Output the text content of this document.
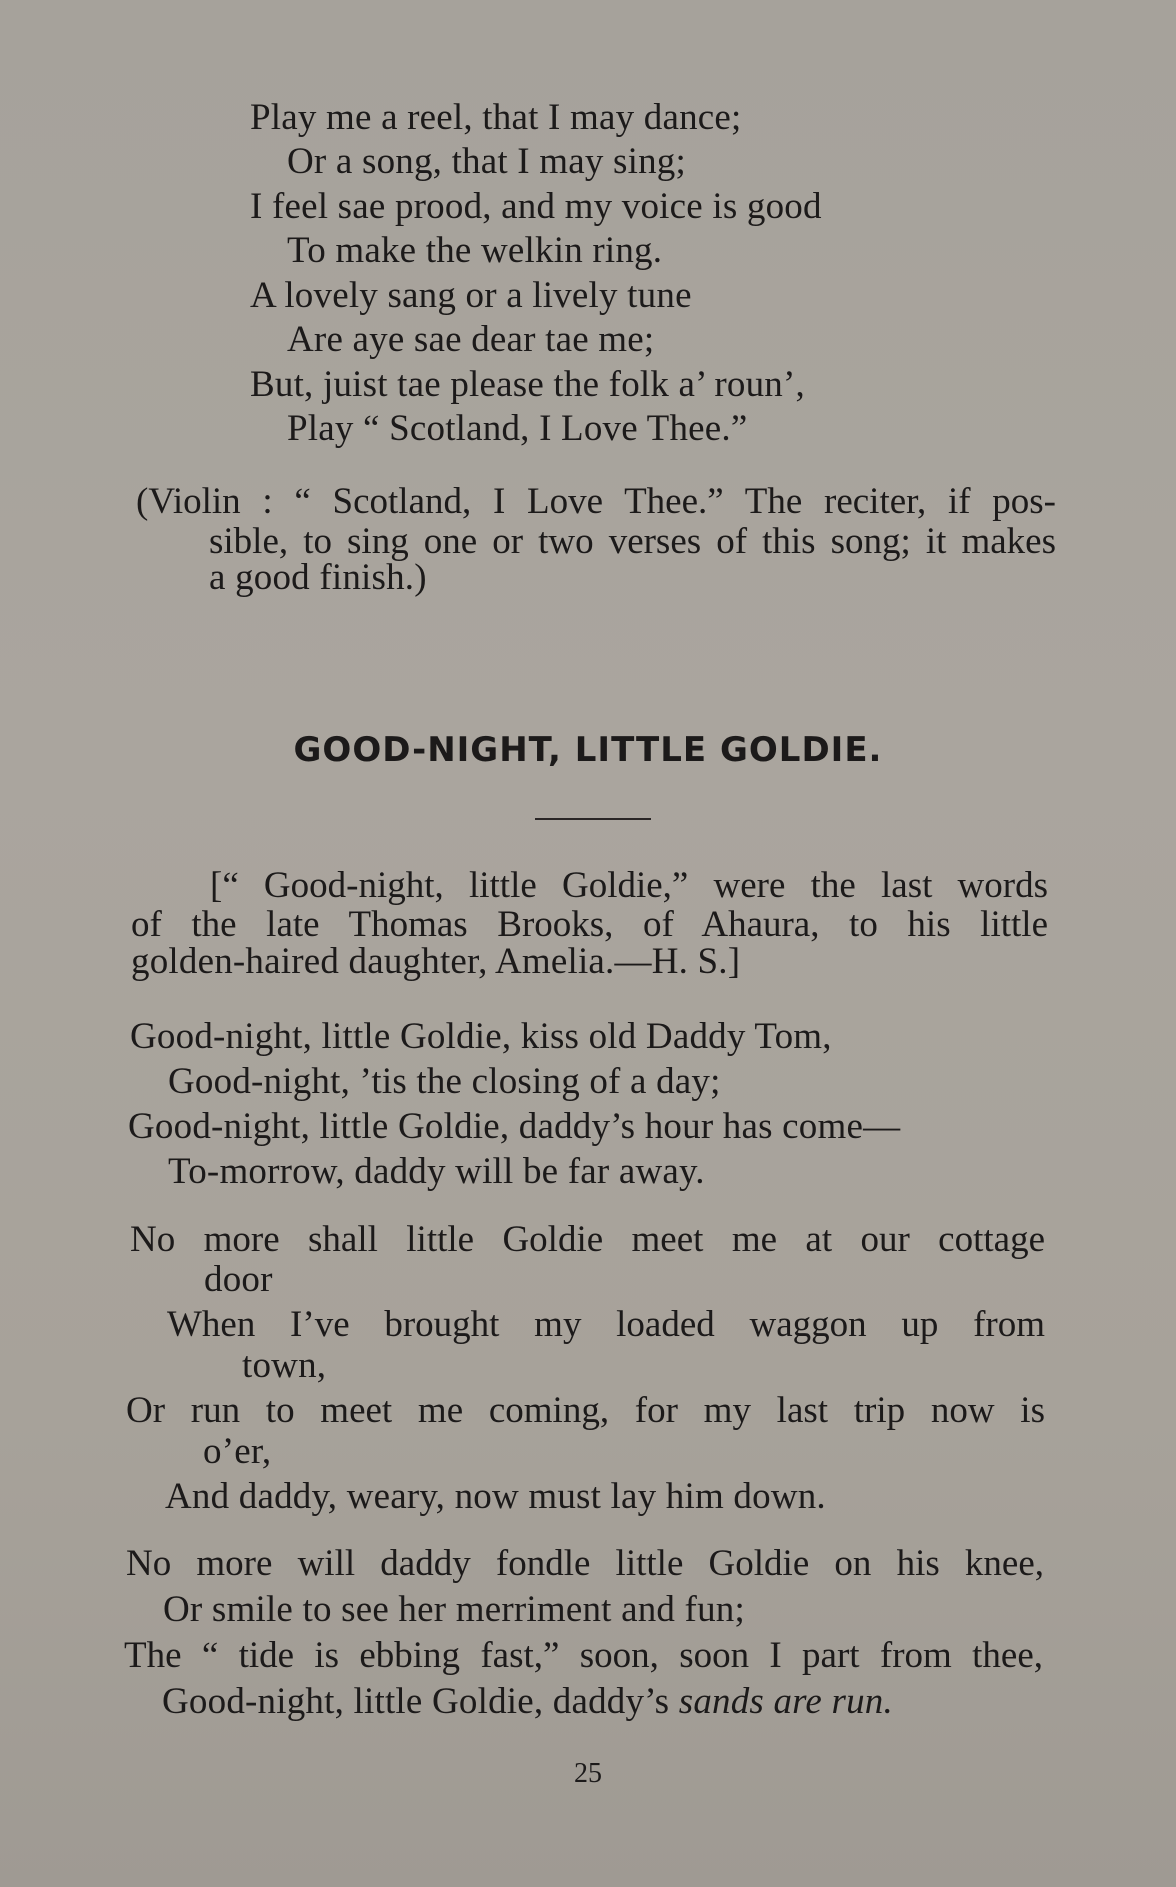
Play me a reel, that I may dance;
Or a song, that I may sing;
I feel sae prood, and my voice is good
To make the welkin ring.
A lovely sang or a lively tune
Are aye sae dear tae me;
But, juist tae please the folk a’ roun’,
Play “ Scotland, I Love Thee.”
(Violin : “ Scotland, I Love Thee.” The reciter, if pos-
sible, to sing one or two verses of this song; it makes
a good finish.)
GOOD-NIGHT, LITTLE GOLDIE.
[“ Good-night, little Goldie,” were the last words
of the late Thomas Brooks, of Ahaura, to his little
golden-haired daughter, Amelia.—H. S.]
Good-night, little Goldie, kiss old Daddy Tom,
Good-night, ’tis the closing of a day;
Good-night, little Goldie, daddy’s hour has come—
To-morrow, daddy will be far away.
No more shall little Goldie meet me at our cottage
door
When I’ve brought my loaded waggon up from
town,
Or run to meet me coming, for my last trip now is
o’er,
And daddy, weary, now must lay him down.
No more will daddy fondle little Goldie on his knee,
Or smile to see her merriment and fun;
The “ tide is ebbing fast,” soon, soon I part from thee,
Good-night, little Goldie, daddy’s sands are run.
25
